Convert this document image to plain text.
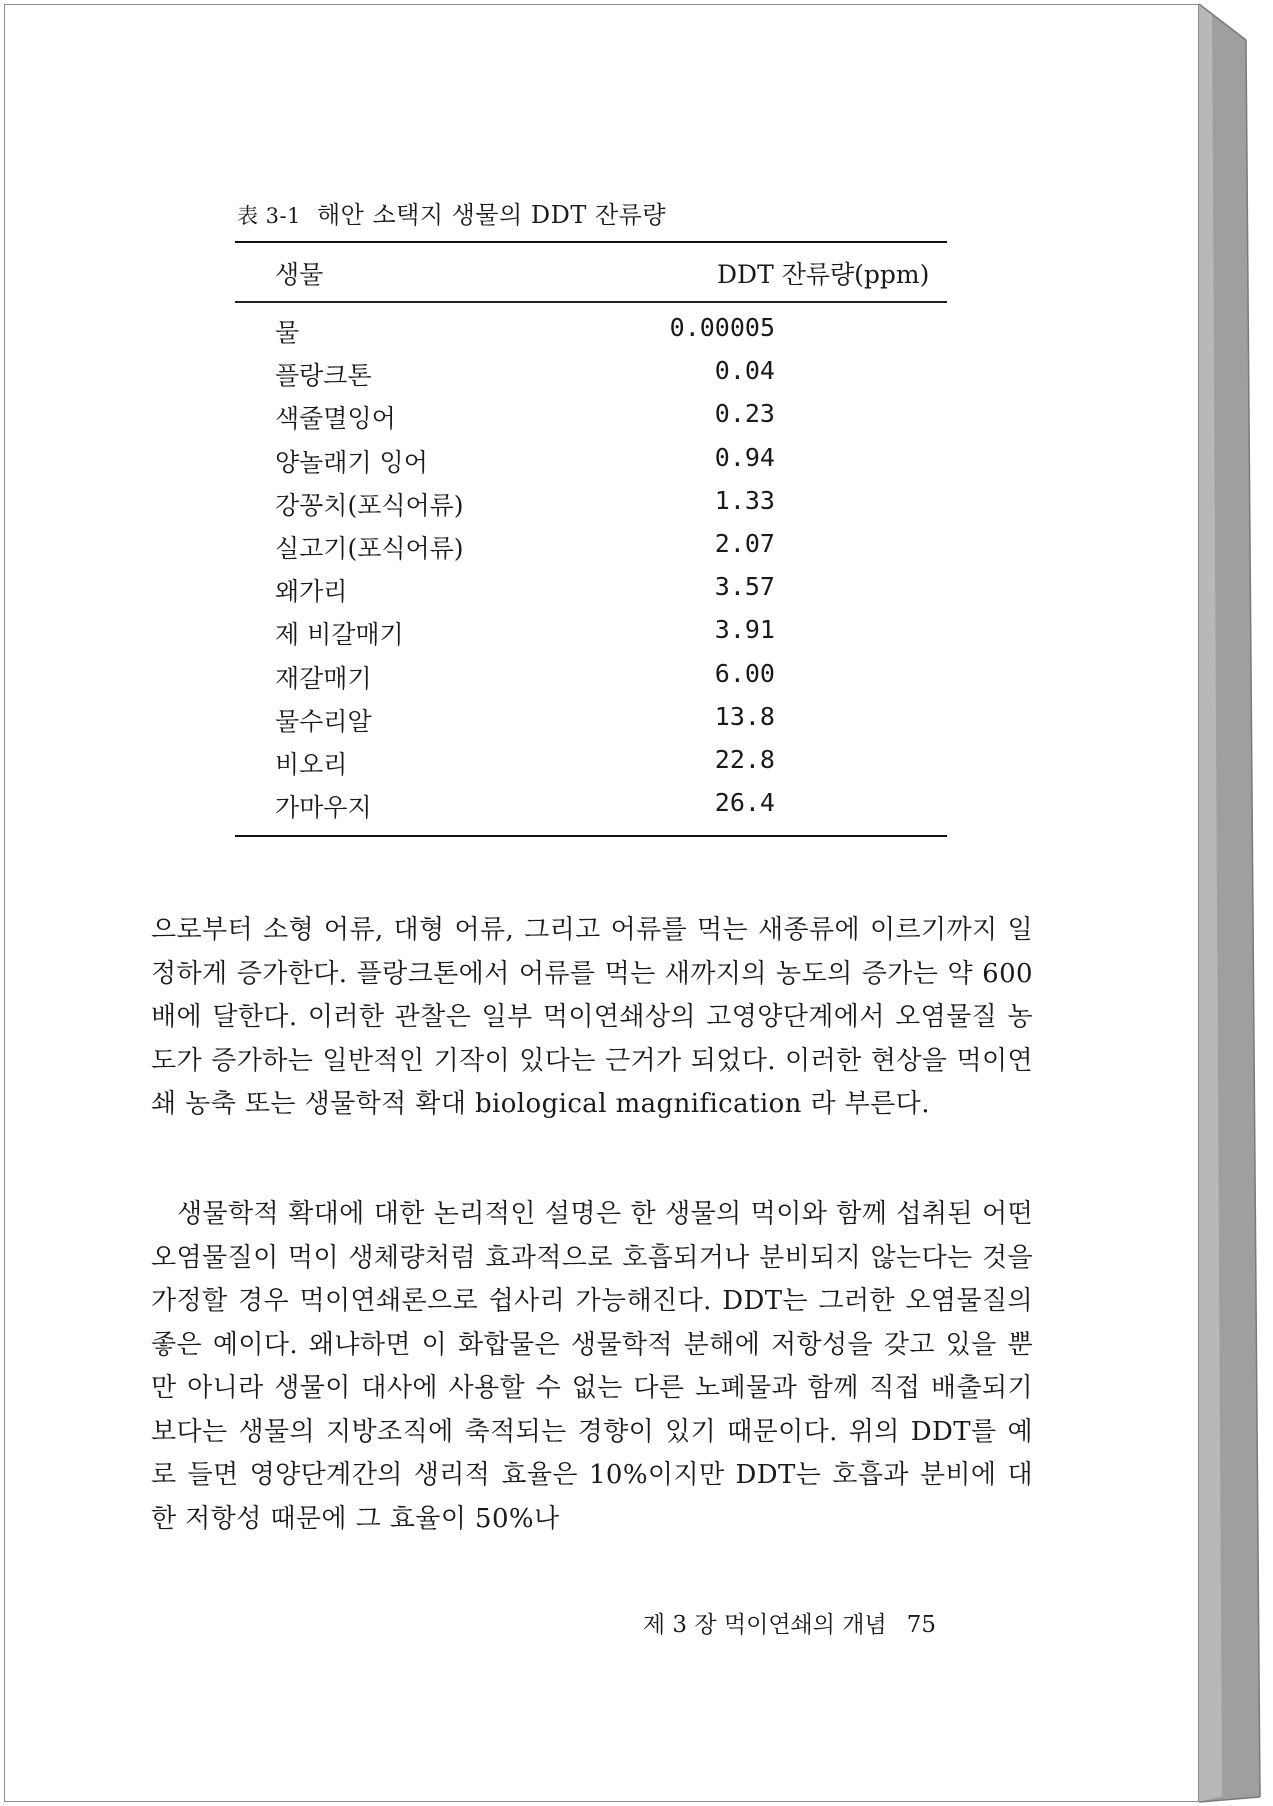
表 3-1 해안 소택지 생물의 DDT 잔류량
생물	DDT 잔류량(ppm)
물	0.00005
플랑크톤	0.04
색줄멸잉어	0.23
양놀래기 잉어	0.94
강꽁치(포식어류)	1.33
실고기(포식어류)	2.07
왜가리	3.57
제 비갈매기	3.91
재갈매기	6.00
물수리알	13.8
비오리	22.8
가마우지	26.4
으로부터 소형 어류, 대형 어류, 그리고 어류를 먹는 새종류에 이르기까지 일정하게 증가한다. 플랑크톤에서 어류를 먹는 새까지의 농도의 증가는 약 600배에 달한다. 이러한 관찰은 일부 먹이연쇄상의 고영양단계에서 오염물질 농도가 증가하는 일반적인 기작이 있다는 근거가 되었다. 이러한 현상을 먹이연쇄 농축 또는 생물학적 확대 biological magnification 라 부른다.
생물학적 확대에 대한 논리적인 설명은 한 생물의 먹이와 함께 섭취된 어떤 오염물질이 먹이 생체량처럼 효과적으로 호흡되거나 분비되지 않는다는 것을 가정할 경우 먹이연쇄론으로 쉽사리 가능해진다. DDT는 그러한 오염물질의 좋은 예이다. 왜냐하면 이 화합물은 생물학적 분해에 저항성을 갖고 있을 뿐만 아니라 생물이 대사에 사용할 수 없는 다른 노폐물과 함께 직접 배출되기보다는 생물의 지방조직에 축적되는 경향이 있기 때문이다. 위의 DDT를 예로 들면 영양단계간의 생리적 효율은 10%이지만 DDT는 호흡과 분비에 대한 저항성 때문에 그 효율이 50%나
제 3 장 먹이연쇄의 개념 75
